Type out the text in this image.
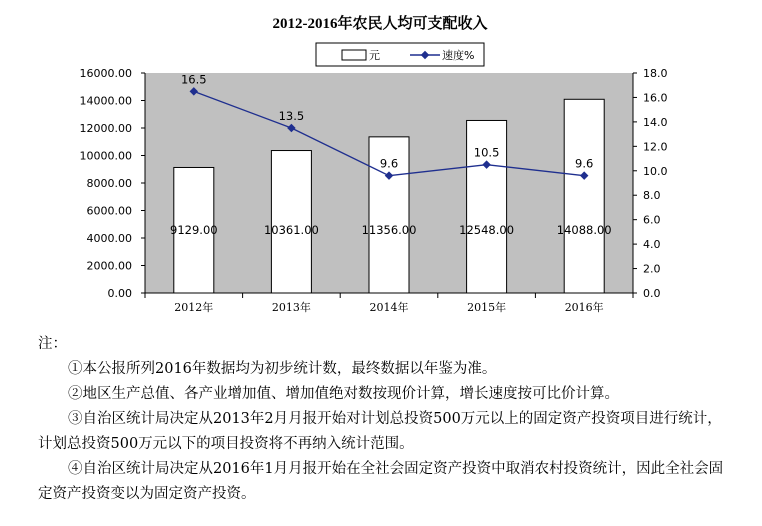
2012-2016年农民人均可支配收入
元	速度%
0.00
2000.00
4000.00
6000.00
8000.00
10000.00
12000.00
14000.00
16000.00
0.0
2.0
4.0
6.0
8.0
10.0
12.0
14.0
16.0
18.0
9129.00	10361.00	11356.00	12548.00	14088.00
16.5
13.5
9.6
10.5
9.6
2012年	2013年	2014年	2015年	2016年

注：

①本公报所列2016年数据均为初步统计数，最终数据以年鉴为准。

②地区生产总值、各产业增加值、增加值绝对数按现价计算，增长速度按可比价计算。

③自治区统计局决定从2013年2月月报开始对计划总投资500万元以上的固定资产投资项目进行统计，计划总投资500万元以下的项目投资将不再纳入统计范围。

④自治区统计局决定从2016年1月月报开始在全社会固定资产投资中取消农村投资统计，因此全社会固定资产投资变以为固定资产投资。
